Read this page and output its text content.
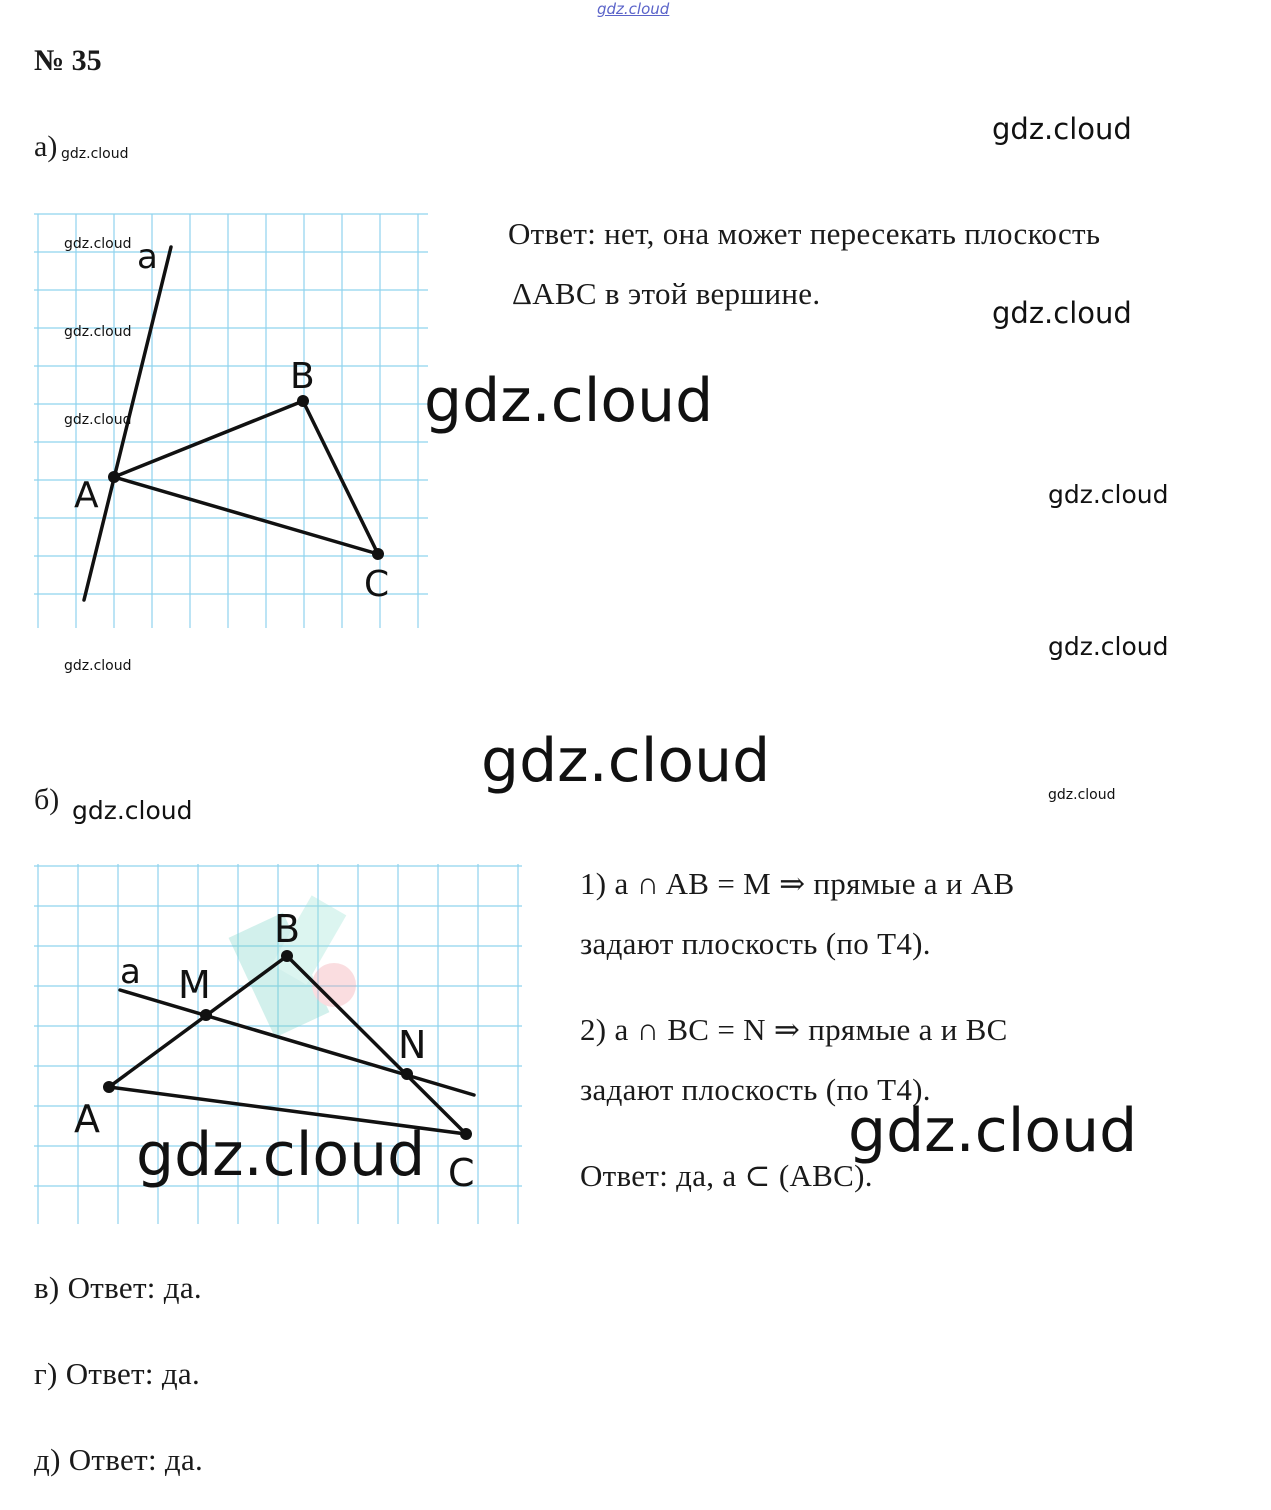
gdz.cloud
№ 35
а) gdz.cloud
gdz.cloud
a
B
A
C
gdz.cloud
gdz.cloud
gdz.cloud
Ответ: нет, она может пересекать плоскость
ΔABC в этой вершине.
gdz.cloud
gdz.cloud
gdz.cloud
gdz.cloud
gdz.cloud
gdz.cloud
б) gdz.cloud
gdz.cloud
a M
B
N
A
C
gdz.cloud
1) a ∩ AB = M ⇒ прямые a и AB
задают плоскость (по Т4).
2) a ∩ BC = N ⇒ прямые a и BC
задают плоскость (по Т4).
gdz.cloud
Ответ: да, a ⊂ (ABC).
в) Ответ: да.
г) Ответ: да.
д) Ответ: да.
